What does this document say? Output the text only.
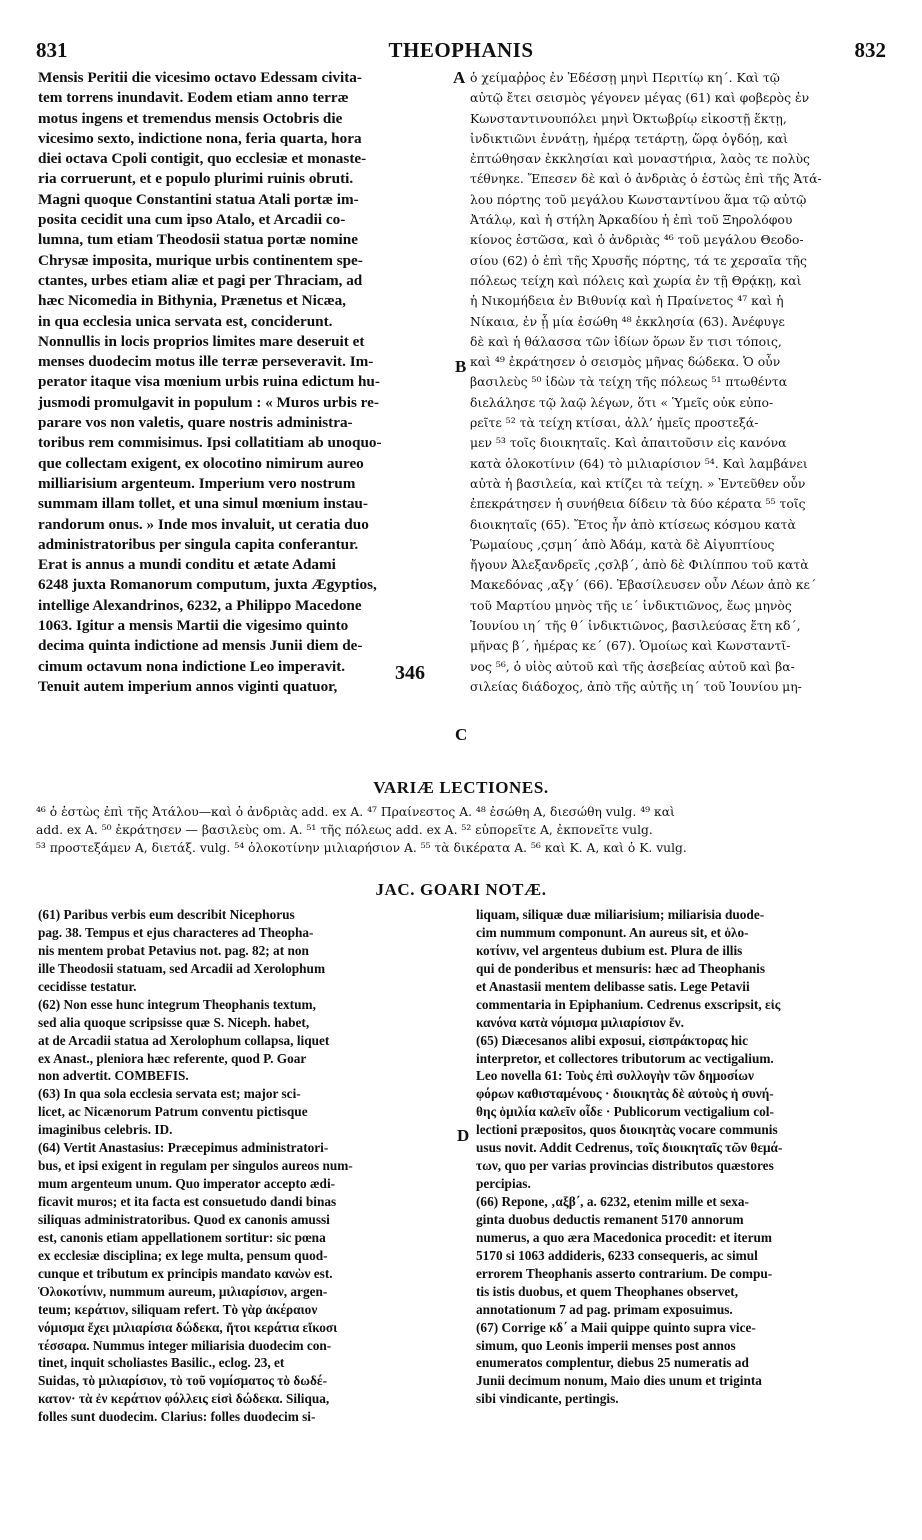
831	THEOPHANIS	832
Mensis Peritii die vicesimo octavo Edessam civita-
tem torrens inundavit. Eodem etiam anno terræ
motus ingens et tremendus mensis Octobris die
vicesimo sexto, indictione nona, feria quarta, hora
diei octava Cpoli contigit, quo ecclesiæ et monaste-
ria corruerunt, et e populo plurimi ruinis obruti.
Magni quoque Constantini statua Atali portæ im-
posita cecidit una cum ipso Atalo, et Arcadii co-
lumna, tum etiam Theodosii statua portæ nomine
Chrysæ imposita, murique urbis continentem spe-
ctantes, urbes etiam aliæ et pagi per Thraciam, ad
hæc Nicomedia in Bithynia, Prænetus et Nicæa,
in qua ecclesia unica servata est, conciderunt.
Nonnullis in locis proprios limites mare deseruit et
menses duodecim motus ille terræ perseveravit. Im-
perator itaque visa mœnium urbis ruina edictum hu-
jusmodi promulgavit in populum : « Muros urbis re-
parare vos non valetis, quare nostris administra-
toribus rem commisimus. Ipsi collatitiam ab unoquo-
que collectam exigent, ex olocotino nimirum aureo
milliarisium argenteum. Imperium vero nostrum
summam illam tollet, et una simul mœnium instau-
randorum onus. » Inde mos invaluit, ut ceratia duo
administratoribus per singula capita conferantur.
Erat is annus a mundi conditu et ætate Adami
6248 juxta Romanorum computum, juxta Ægyptios,
intellige Alexandrinos, 6232, a Philippo Macedone
1063. Igitur a mensis Martii die vigesimo quinto
decima quinta indictione ad mensis Junii diem de-
cimum octavum nona indictione Leo imperavit.
Tenuit autem imperium annos viginti quatuor,
ὁ χείμαῤῥος ἐν Ἐδέσσῃ μηνὶ Περιτίῳ κη΄. Καὶ τῷ
αὐτῷ ἔτει σεισμὸς γέγονεν μέγας (61) καὶ φοβερὸς ἐν
Κωνσταντινουπόλει μηνὶ Ὀκτωβρίῳ εἰκοστῇ ἕκτῃ,
ἰνδικτιῶνι ἐννάτῃ, ἡμέρᾳ τετάρτῃ, ὥρᾳ ὀγδόῃ, καὶ
ἐπτώθησαν ἐκκλησίαι καὶ μοναστήρια, λαὸς τε πολὺς
τέθνηκε. Ἔπεσεν δὲ καὶ ὁ ἀνδριὰς ὁ ἑστὼς ἐπὶ τῆς Ἀτά-
λου πόρτης τοῦ μεγάλου Κωνσταντίνου ἅμα τῷ αὐτῷ
Ἀτάλῳ, καὶ ἡ στήλη Ἀρκαδίου ἡ ἐπὶ τοῦ Ξηρολόφου
κίονος ἑστῶσα, καὶ ὁ ἀνδριὰς ⁴⁶ τοῦ μεγάλου Θεοδο-
σίου (62) ὁ ἐπὶ τῆς Χρυσῆς πόρτης, τά τε χερσαῖα τῆς
πόλεως τείχη καὶ πόλεις καὶ χωρία ἐν τῇ Θρᾴκῃ, καὶ
ἡ Νικομήδεια ἐν Βιθυνίᾳ καὶ ἡ Πραίνετος ⁴⁷ καὶ ἡ
Νίκαια, ἐν ᾗ μία ἐσώθη ⁴⁸ ἐκκλησία (63). Ἀνέφυγε
δὲ καὶ ἡ θάλασσα τῶν ἰδίων ὅρων ἔν τισι τόποις,
καὶ ⁴⁹ ἐκράτησεν ὁ σεισμὸς μῆνας δώδεκα. Ὁ οὖν
βασιλεὺς ⁵⁰ ἰδὼν τὰ τείχη τῆς πόλεως ⁵¹ πτωθέντα
διελάλησε τῷ λαῷ λέγων, ὅτι « Ὑμεῖς οὐκ εὐπο-
ρεῖτε ⁵² τὰ τείχη κτίσαι, ἀλλ’ ἡμεῖς προστεξά-
μεν ⁵³ τοῖς διοικηταῖς. Καὶ ἀπαιτοῦσιν εἰς κανόνα
κατὰ ὁλοκοτίνιν (64) τὸ μιλιαρίσιον ⁵⁴. Καὶ λαμβάνει
αὐτὰ ἡ βασιλεία, καὶ κτίζει τὰ τείχη. » Ἐντεῦθεν οὖν
ἐπεκράτησεν ἡ συνήθεια δίδειν τὰ δύο κέρατα ⁵⁵ τοῖς
διοικηταῖς (65). Ἔτος ἦν ἀπὸ κτίσεως κόσμου κατὰ
Ῥωμαίους ‚ςσμη΄ ἀπὸ Ἀδάμ, κατὰ δὲ Αἰγυπτίους
ἤγουν Ἀλεξανδρεῖς ‚ςσλβ΄, ἀπὸ δὲ Φιλίππου τοῦ κατὰ
Μακεδόνας ‚αξγ΄ (66). Ἐβασίλευσεν οὖν Λέων ἀπὸ κε΄
τοῦ Μαρτίου μηνὸς τῆς ιε΄ ἰνδικτιῶνος, ἕως μηνὸς
Ἰουνίου ιη΄ τῆς θ΄ ἰνδικτιῶνος, βασιλεύσας ἔτη κδ΄,
μῆνας β΄, ἡμέρας κε΄ (67). Ὁμοίως καὶ Κωνσταντῖ-
νος ⁵⁶, ὁ υἱὸς αὐτοῦ καὶ τῆς ἀσεβείας αὐτοῦ καὶ βα-
σιλείας διάδοχος, ἀπὸ τῆς αὐτῆς ιη΄ τοῦ Ἰουνίου μη-
A
B
C
D
346
VARIÆ LECTIONES.
⁴⁶ ὁ ἑστὼς ἐπὶ τῆς Ἀτάλου—καὶ ὁ ἀνδριὰς add. ex A. ⁴⁷ Πραίνεστος A. ⁴⁸ ἐσώθη A, διεσώθη vulg. ⁴⁹ καὶ
add. ex A. ⁵⁰ ἐκράτησεν — βασιλεὺς om. A. ⁵¹ τῆς πόλεως add. ex A. ⁵² εὐπορεῖτε A, ἐκπονεῖτε vulg.
⁵³ προστεξάμεν A, διετάξ. vulg. ⁵⁴ ὁλοκοτίνην μιλιαρήσιον A. ⁵⁵ τὰ δικέρατα A. ⁵⁶ καὶ K. A, καὶ ὁ K. vulg.
JAC. GOARI NOTÆ.
(61) Paribus verbis eum describit Nicephorus
pag. 38. Tempus et ejus characteres ad Theopha-
nis mentem probat Petavius not. pag. 82; at non
ille Theodosii statuam, sed Arcadii ad Xerolophum
cecidisse testatur.
(62) Non esse hunc integrum Theophanis textum,
sed alia quoque scripsisse quæ S. Niceph. habet,
at de Arcadii statua ad Xerolophum collapsa, liquet
ex Anast., pleniora hæc referente, quod P. Goar
non advertit. COMBEFIS.
(63) In qua sola ecclesia servata est; major sci-
licet, ac Nicænorum Patrum conventu pictisque
imaginibus celebris. ID.
(64) Vertit Anastasius: Præcepimus administratori-
bus, et ipsi exigent in regulam per singulos aureos num-
mum argenteum unum. Quo imperator accepto ædi-
ficavit muros; et ita facta est consuetudo dandi binas
siliquas administratoribus. Quod ex canonis amussi
est, canonis etiam appellationem sortitur: sic pœna
ex ecclesiæ disciplina; ex lege multa, pensum quod-
cunque et tributum ex principis mandato κανὼν est.
Ὁλοκοτίνιν, nummum aureum, μιλιαρίσιον, argen-
teum; κεράτιον, siliquam refert. Τὸ γὰρ ἀκέραιον
νόμισμα ἔχει μιλιαρίσια δώδεκα, ἤτοι κεράτια εἴκοσι
τέσσαρα. Nummus integer miliarisia duodecim con-
tinet, inquit scholiastes Basilic., eclog. 23, et
Suidas, τὸ μιλιαρίσιον, τὸ τοῦ νομίσματος τὸ δωδέ-
κατον· τὰ ἐν κεράτιον φόλλεις εἰσὶ δώδεκα. Siliqua,
folles sunt duodecim. Clarius: folles duodecim si-
liquam, siliquæ duæ miliarisium; miliarisia duode-
cim nummum componunt. An aureus sit, et ὁλο-
κοτίνιν, vel argenteus dubium est. Plura de illis
qui de ponderibus et mensuris: hæc ad Theophanis
et Anastasii mentem delibasse satis. Lege Petavii
commentaria in Epiphanium. Cedrenus exscripsit, εἰς
κανόνα κατὰ νόμισμα μιλιαρίσιον ἕν.
(65) Diæcesanos alibi exposui, εἰσπράκτορας hic
interpretor, et collectores tributorum ac vectigalium.
Leo novella 61: Τοὺς ἐπὶ συλλογὴν τῶν δημοσίων
φόρων καθισταμένους · διοικητὰς δὲ αὐτοὺς ἡ συνή-
θης ὁμιλία καλεῖν οἶδε · Publicorum vectigalium col-
lectioni præpositos, quos διοικητὰς vocare communis
usus novit. Addit Cedrenus, τοῖς διοικηταῖς τῶν θεμά-
των, quo per varias provincias distributos quæstores
percipias.
(66) Repone, ‚αξβ΄, a. 6232, etenim mille et sexa-
ginta duobus deductis remanent 5170 annorum
numerus, a quo æra Macedonica procedit: et iterum
5170 si 1063 addideris, 6233 consequeris, ac simul
errorem Theophanis asserto contrarium. De compu-
tis istis duobus, et quem Theophanes observet,
annotationum 7 ad pag. primam exposuimus.
(67) Corrige κδ΄ a Maii quippe quinto supra vice-
simum, quo Leonis imperii menses post annos
enumeratos complentur, diebus 25 numeratis ad
Junii decimum nonum, Maio dies unum et triginta
sibi vindicante, pertingis.
